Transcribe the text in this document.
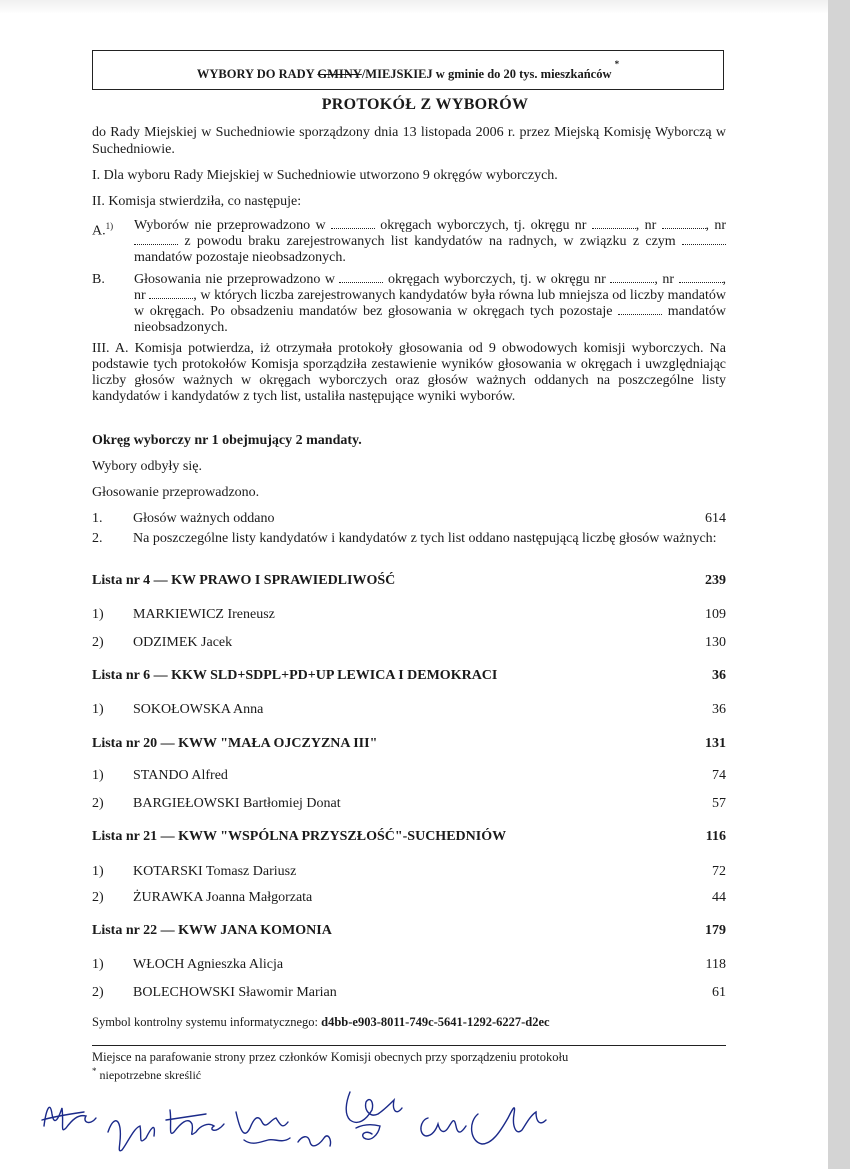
WYBORY DO RADY GMINY/MIEJSKIEJ w gminie do 20 tys. mieszkańców *
PROTOKÓŁ Z WYBORÓW
do Rady Miejskiej w Suchedniowie sporządzony dnia 13 listopada 2006 r. przez Miejską Komisję Wyborczą w Suchedniowie.
I. Dla wyboru Rady Miejskiej w Suchedniowie utworzono 9 okręgów wyborczych.
II. Komisja stwierdziła, co następuje:
A.$^{1)}$ Wyborów nie przeprowadzono w	okręgach wyborczych, tj. okręgu nr	, nr	, nr  z powodu braku zarejestrowanych list kandydatów na radnych, w związku z czym  mandatów pozostaje nieobsadzonych.
B. Głosowania nie przeprowadzono w	okręgach wyborczych, tj. w okręgu nr	, nr	, nr	, w których liczba zarejestrowanych kandydatów była równa lub mniejsza od liczby mandatów w okręgach. Po obsadzeniu mandatów bez głosowania w okręgach tych pozostaje	mandatów nieobsadzonych.
III. A. Komisja potwierdza, iż otrzymała protokoły głosowania od 9 obwodowych komisji wyborczych. Na podstawie tych protokołów Komisja sporządziła zestawienie wyników głosowania w okręgach i uwzględniając liczby głosów ważnych w okręgach wyborczych oraz głosów ważnych oddanych na poszczególne listy kandydatów i kandydatów z tych list, ustaliła następujące wyniki wyborów.
Okręg wyborczy nr 1 obejmujący 2 mandaty.
Wybory odbyły się.
Głosowanie przeprowadzono.
1. Głosów ważnych oddano	614
2. Na poszczególne listy kandydatów i kandydatów z tych list oddano następującą liczbę głosów ważnych:
Lista nr 4 — KW PRAWO I SPRAWIEDLIWOŚĆ	239
1) MARKIEWICZ Ireneusz	109
2) ODZIMEK Jacek	130
Lista nr 6 — KKW SLD+SDPL+PD+UP LEWICA I DEMOKRACI	36
1) SOKOŁOWSKA Anna	36
Lista nr 20 — KWW "MAŁA OJCZYZNA III"	131
1) STANDO Alfred	74
2) BARGIEŁOWSKI Bartłomiej Donat	57
Lista nr 21 — KWW "WSPÓLNA PRZYSZŁOŚĆ"-SUCHEDNIÓW	116
1) KOTARSKI Tomasz Dariusz	72
2) ŻURAWKA Joanna Małgorzata	44
Lista nr 22 — KWW JANA KOMONIA	179
1) WŁOCH Agnieszka Alicja	118
2) BOLECHOWSKI Sławomir Marian	61
Symbol kontrolny systemu informatycznego: d4bb-e903-8011-749c-5641-1292-6227-d2ec
Miejsce na parafowanie strony przez członków Komisji obecnych przy sporządzeniu protokołu
* niepotrzebne skreślić
